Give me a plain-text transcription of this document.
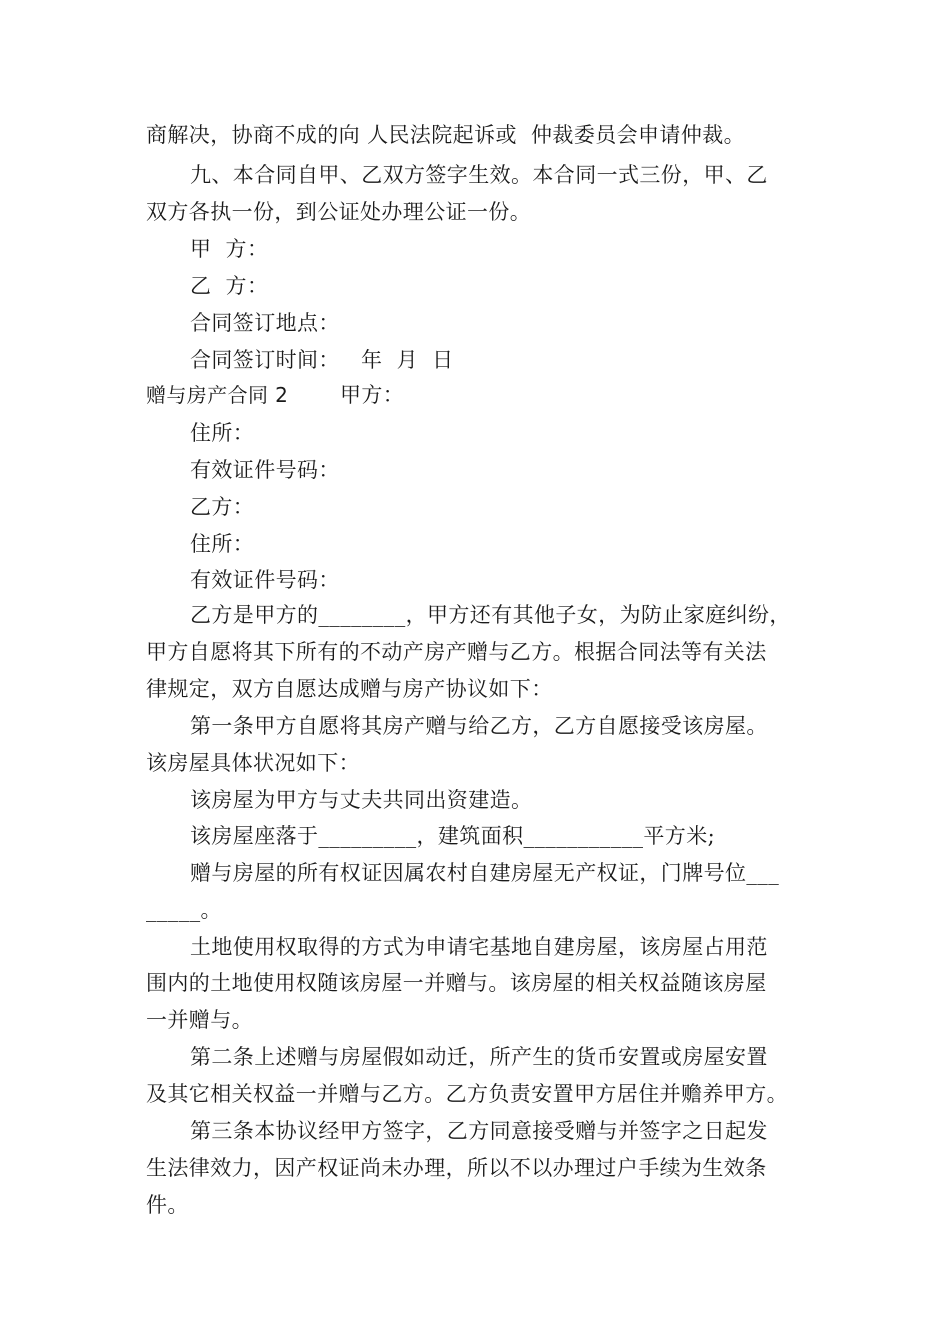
商解决，协商不成的向 人民法院起诉或  仲裁委员会申请仲裁。
九、本合同自甲、乙双方签字生效。本合同一式三份，甲、乙
双方各执一份，到公证处办理公证一份。
甲  方：
乙  方：
合同签订地点：
合同签订时间：   年  月  日
赠与房产合同 2 甲方：
住所：
有效证件号码：
乙方：
住所：
有效证件号码：
乙方是甲方的________，甲方还有其他子女，为防止家庭纠纷，
甲方自愿将其下所有的不动产房产赠与乙方。根据合同法等有关法
律规定，双方自愿达成赠与房产协议如下：
第一条甲方自愿将其房产赠与给乙方，乙方自愿接受该房屋。
该房屋具体状况如下：
该房屋为甲方与丈夫共同出资建造。
该房屋座落于_________，建筑面积___________平方米;
赠与房屋的所有权证因属农村自建房屋无产权证，门牌号位___
_____。
土地使用权取得的方式为申请宅基地自建房屋，该房屋占用范
围内的土地使用权随该房屋一并赠与。该房屋的相关权益随该房屋
一并赠与。
第二条上述赠与房屋假如动迁，所产生的货币安置或房屋安置
及其它相关权益一并赠与乙方。乙方负责安置甲方居住并赡养甲方。
第三条本协议经甲方签字，乙方同意接受赠与并签字之日起发
生法律效力，因产权证尚未办理，所以不以办理过户手续为生效条
件。
